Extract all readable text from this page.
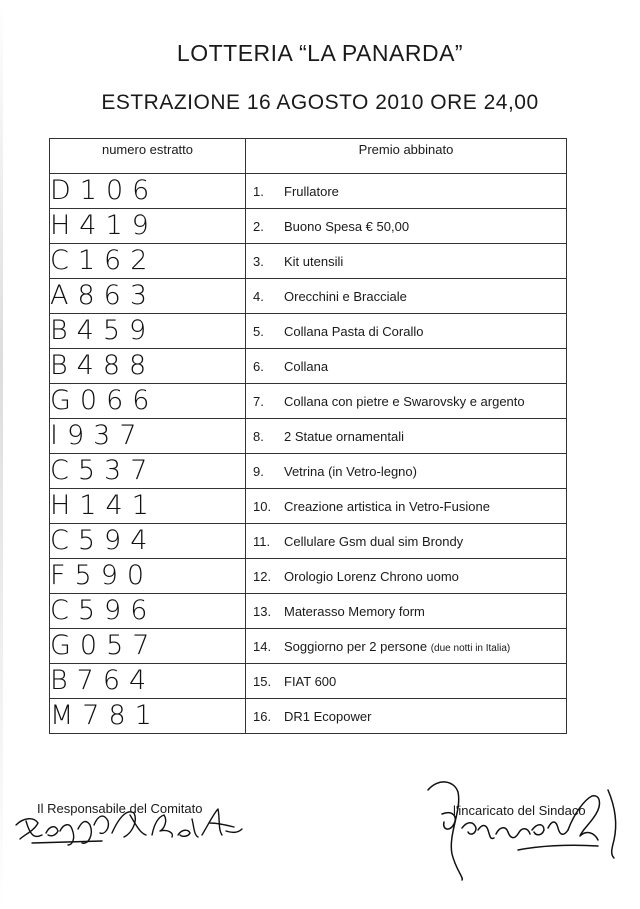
LOTTERIA “LA PANARDA”
ESTRAZIONE 16 AGOSTO 2010 ORE 24,00
numero estratto	Premio abbinato
D106	1. Frullatore
H419	2. Buono Spesa € 50,00
C162	3. Kit utensili
A863	4. Orecchini e Bracciale
B459	5. Collana Pasta di Corallo
B488	6. Collana
G066	7. Collana con pietre e Swarovsky e argento
I937	8. 2 Statue ornamentali
C537	9. Vetrina (in Vetro-legno)
H141	10. Creazione artistica in Vetro-Fusione
C594	11. Cellulare Gsm dual sim Brondy
F590	12. Orologio Lorenz Chrono uomo
C596	13. Materasso Memory form
G057	14. Soggiorno per 2 persone (due notti in Italia)
B764	15. FIAT 600
M781	16. DR1 Ecopower
Il Responsabile del Comitato	l'incaricato del Sindaco
